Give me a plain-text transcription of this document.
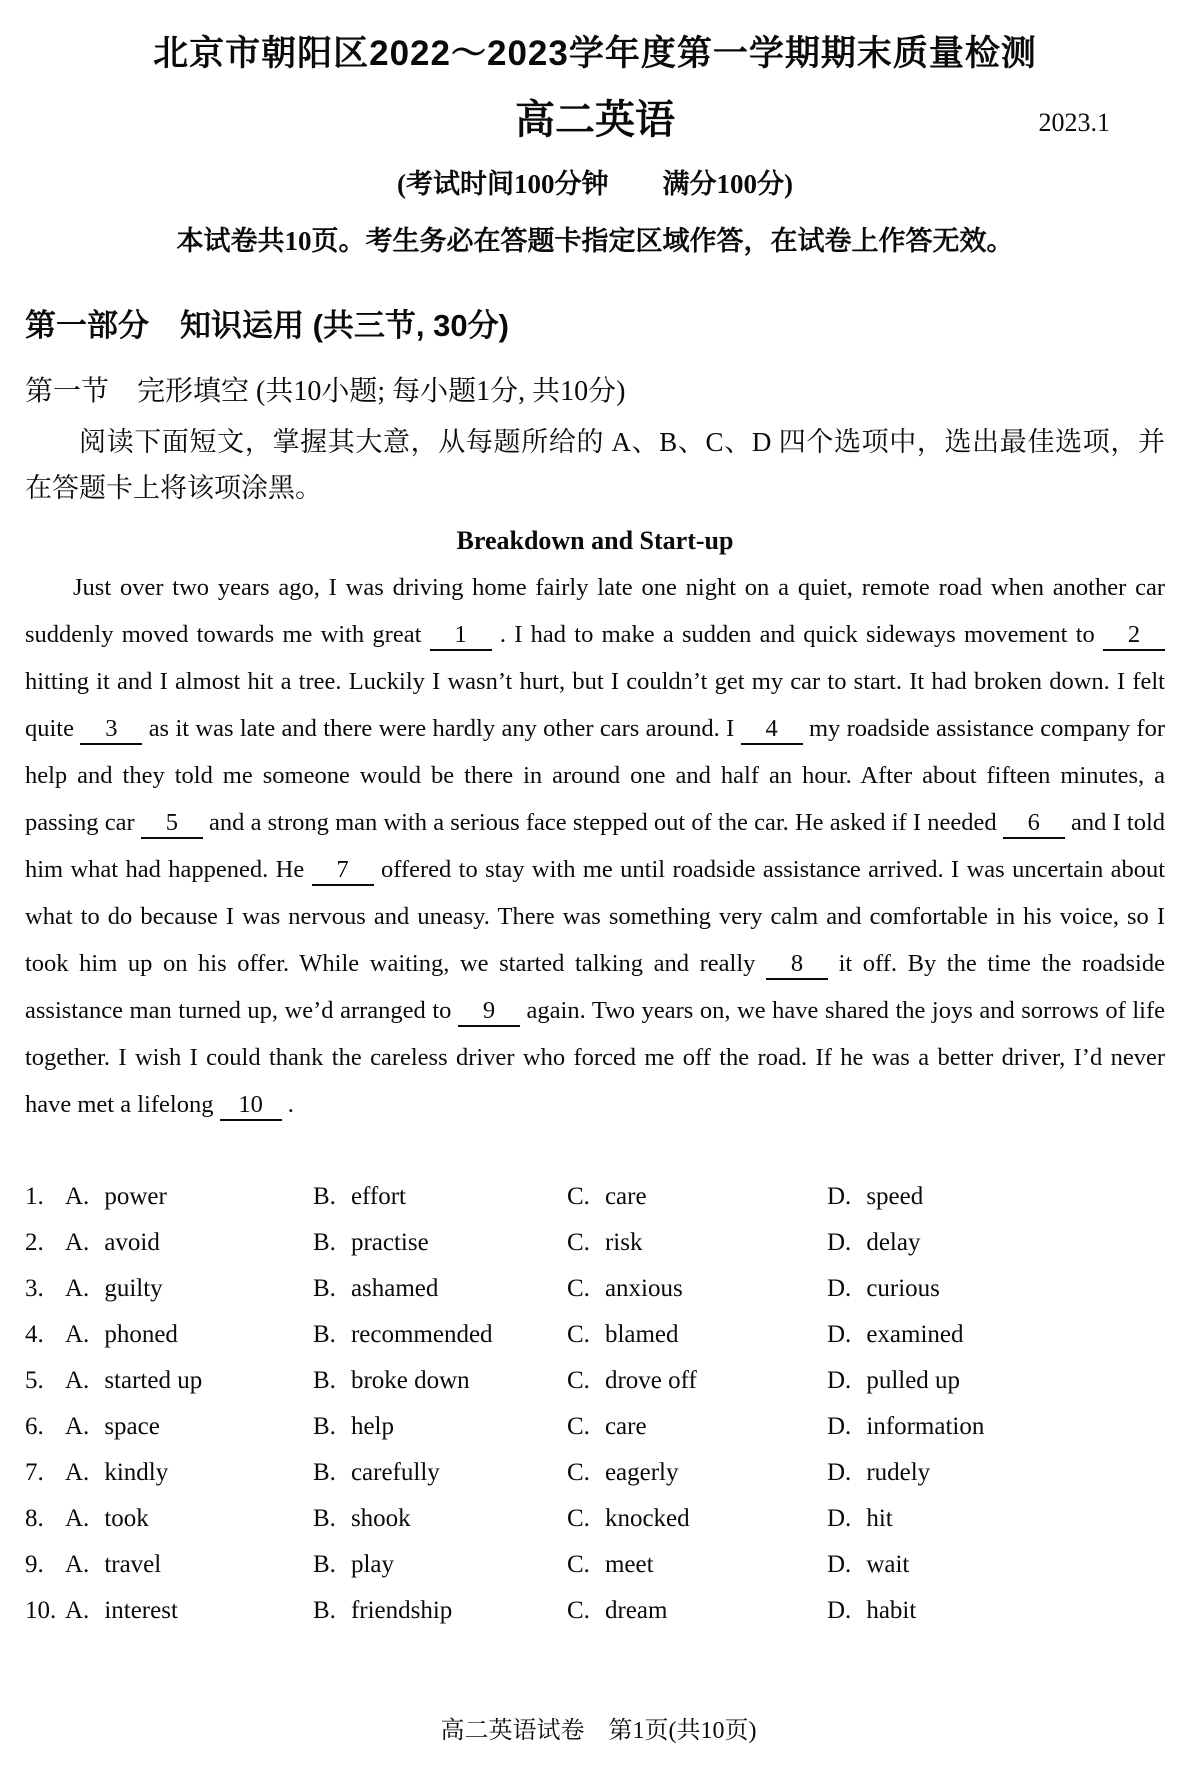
北京市朝阳区2022～2023学年度第一学期期末质量检测
高二英语	2023.1
(考试时间100分钟　　满分100分)
本试卷共10页。考生务必在答题卡指定区域作答，在试卷上作答无效。
第一部分　知识运用 (共三节, 30分)
第一节　完形填空 (共10小题; 每小题1分, 共10分)
阅读下面短文，掌握其大意，从每题所给的 A、B、C、D 四个选项中，选出最佳选项，并在答题卡上将该项涂黑。
Breakdown and Start-up

Just over two years ago, I was driving home fairly late one night on a quiet, remote road when another car suddenly moved towards me with great 1 . I had to make a sudden and quick sideways movement to 2 hitting it and I almost hit a tree. Luckily I wasn’t hurt, but I couldn’t get my car to start. It had broken down. I felt quite 3 as it was late and there were hardly any other cars around. I 4 my roadside assistance company for help and they told me someone would be there in around one and half an hour. After about fifteen minutes, a passing car 5 and a strong man with a serious face stepped out of the car. He asked if I needed 6 and I told him what had happened. He 7 offered to stay with me until roadside assistance arrived. I was uncertain about what to do because I was nervous and uneasy. There was something very calm and comfortable in his voice, so I took him up on his offer. While waiting, we started talking and really 8 it off. By the time the roadside assistance man turned up, we’d arranged to 9 again. Two years on, we have shared the joys and sorrows of life together. I wish I could thank the careless driver who forced me off the road. If he was a better driver, I’d never have met a lifelong 10 .

1. A. power	B. effort	C. care	D. speed
2. A. avoid	B. practise	C. risk	D. delay
3. A. guilty	B. ashamed	C. anxious	D. curious
4. A. phoned	B. recommended	C. blamed	D. examined
5. A. started up	B. broke down	C. drove off	D. pulled up
6. A. space	B. help	C. care	D. information
7. A. kindly	B. carefully	C. eagerly	D. rudely
8. A. took	B. shook	C. knocked	D. hit
9. A. travel	B. play	C. meet	D. wait
10. A. interest	B. friendship	C. dream	D. habit
高二英语试卷　第1页(共10页)
